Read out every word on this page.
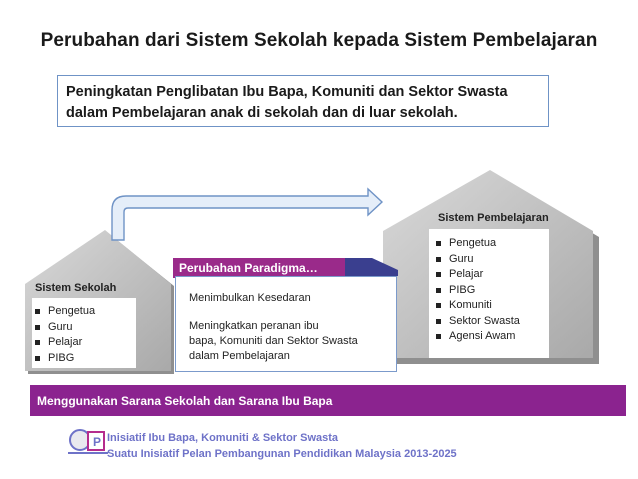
Perubahan dari Sistem Sekolah kepada Sistem Pembelajaran
Peningkatan Penglibatan Ibu Bapa, Komuniti dan Sektor Swasta
dalam Pembelajaran anak di sekolah dan di luar sekolah.
P
Sistem Sekolah
Pengetua
Guru
Pelajar
PIBG
Sistem Pembelajaran
Pengetua
Guru
Pelajar
PIBG
Komuniti
Sektor Swasta
Agensi Awam
Perubahan Paradigma…
Menimbulkan Kesedaran
Meningkatkan peranan ibu
bapa, Komuniti dan Sektor Swasta
dalam Pembelajaran
Menggunakan Sarana Sekolah dan Sarana Ibu Bapa
Inisiatif Ibu Bapa, Komuniti & Sektor Swasta
Suatu Inisiatif Pelan Pembangunan Pendidikan Malaysia 2013-2025
